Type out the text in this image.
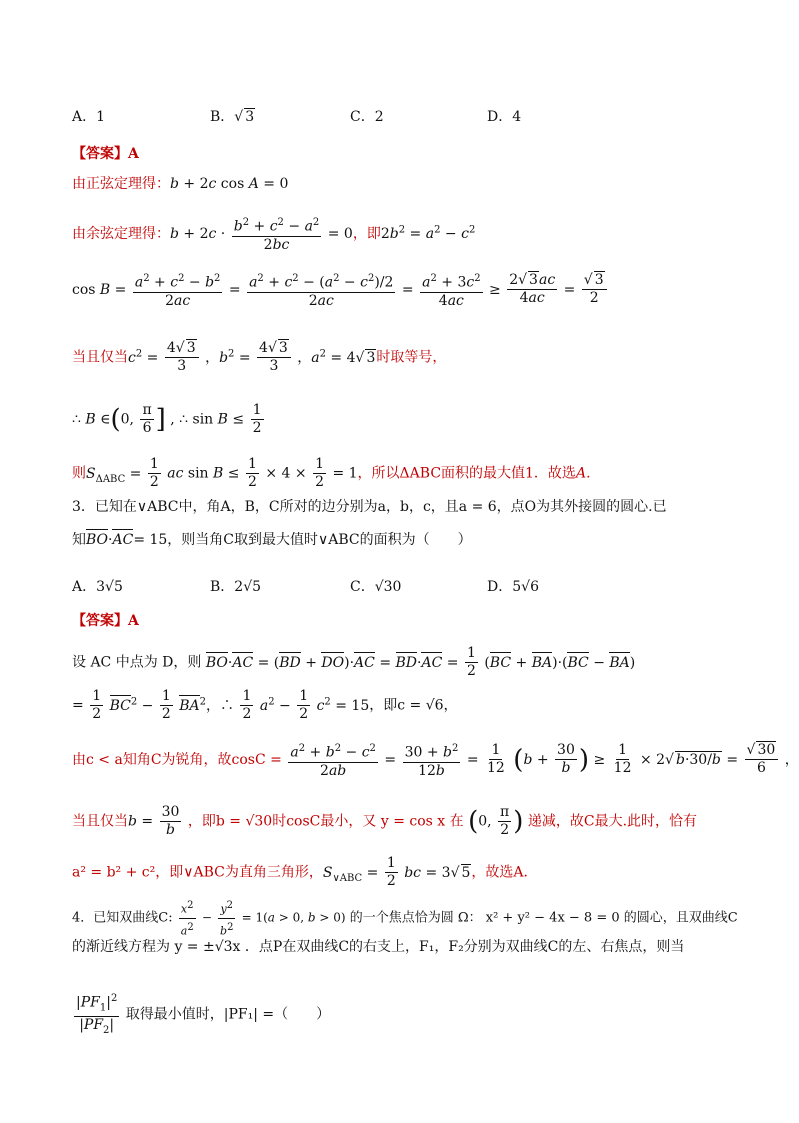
A．1	B．√ 3	C．2	D．4
【答案】A
由正弦定理得：b + 2c cos A = 0
由余弦定理得：$b + 2c \cdot \frac{b^2 + c^2 - a^2}{2bc} = 0$，即$2b^2 = a^2 - c^2$
$\cos B = \frac{a^2 + c^2 - b^2}{2ac} = \frac{a^2 + c^2 - (a^2 - c^2)/2}{2ac} = \frac{a^2 + 3c^2}{4ac} \ge \frac{2√ 3ac}{4ac} = \frac{√ 3}{2}$
当且仅当$c^2 = \frac{4√ 3}{3}$ ，$b^2 = \frac{4√ 3}{3}$ ，$a^2 = 4√$ 3时取等号，
∴ B ∈(0, $\frac{\pi}{6}$ ] , ∴ $\sin B \le \frac{1}{2}$
则$S_{\Delta ABC} = \frac{1}{2}$ ac $\sin B \le \frac{1}{2} \times 4 \times \frac{1}{2} = 1$，所以ΔABC面积的最大值1．故选A．
3．已知在∨ABC中，角A，B，C所对的边分别为a，b，c，且a = 6，点O为其外接圆的圆心.已
知BO·AC= 15，则当角C取到最大值时∨ABC的面积为（　　）
A．3√5	B．2√5	C．√30	D．5√6
【答案】A
设 AC 中点为 D，则 $BO\cdot AC = (BD + DO)\cdot AC = BD\cdot AC = \frac{1}{2} (BC + BA)\cdot(BC - BA)$
= $\frac{1}{2} BC^2 - \frac{1}{2} BA^2$，∴ $\frac{1}{2} a^2 - \frac{1}{2} c^2 = 15$，即c = √6，
由c < a知角C为锐角，故$\cos C = \frac{a^2 + b^2 - c^2}{2ab} = \frac{30 + b^2}{12b} = \frac{1}{12} (b + \frac{30}{b}$ ) ≥ $\frac{1}{12} \times 2√$ $b\cdot 30/b = \frac{√ 30}{6}$ ，
当且仅当$b = \frac{30}{b}$ ，即b = √30时cosC最小，又 y = cos x 在 (0, $\frac{\pi}{2}$ ) 递减，故C最大.此时，恰有
a² = b² + c²，即∨ABC为直角三角形，$S_{\vee ABC} = \frac{1}{2}$ bc = 3√ 5，故选A．
4．已知双曲线C: $\frac{x^2}{a^2} - \frac{y^2}{b^2} = 1(a > 0$, b > 0) 的一个焦点恰为圆 Ω： x² + y² − 4x − 8 = 0 的圆心，且双曲线C
的渐近线方程为 y = ±√3x ．点P在双曲线C的右支上，F₁，F₂分别为双曲线C的左、右焦点，则当
$\frac{|PF_1|^2}{|PF_2|}$ 取得最小值时，|PF₁| =（　　）
